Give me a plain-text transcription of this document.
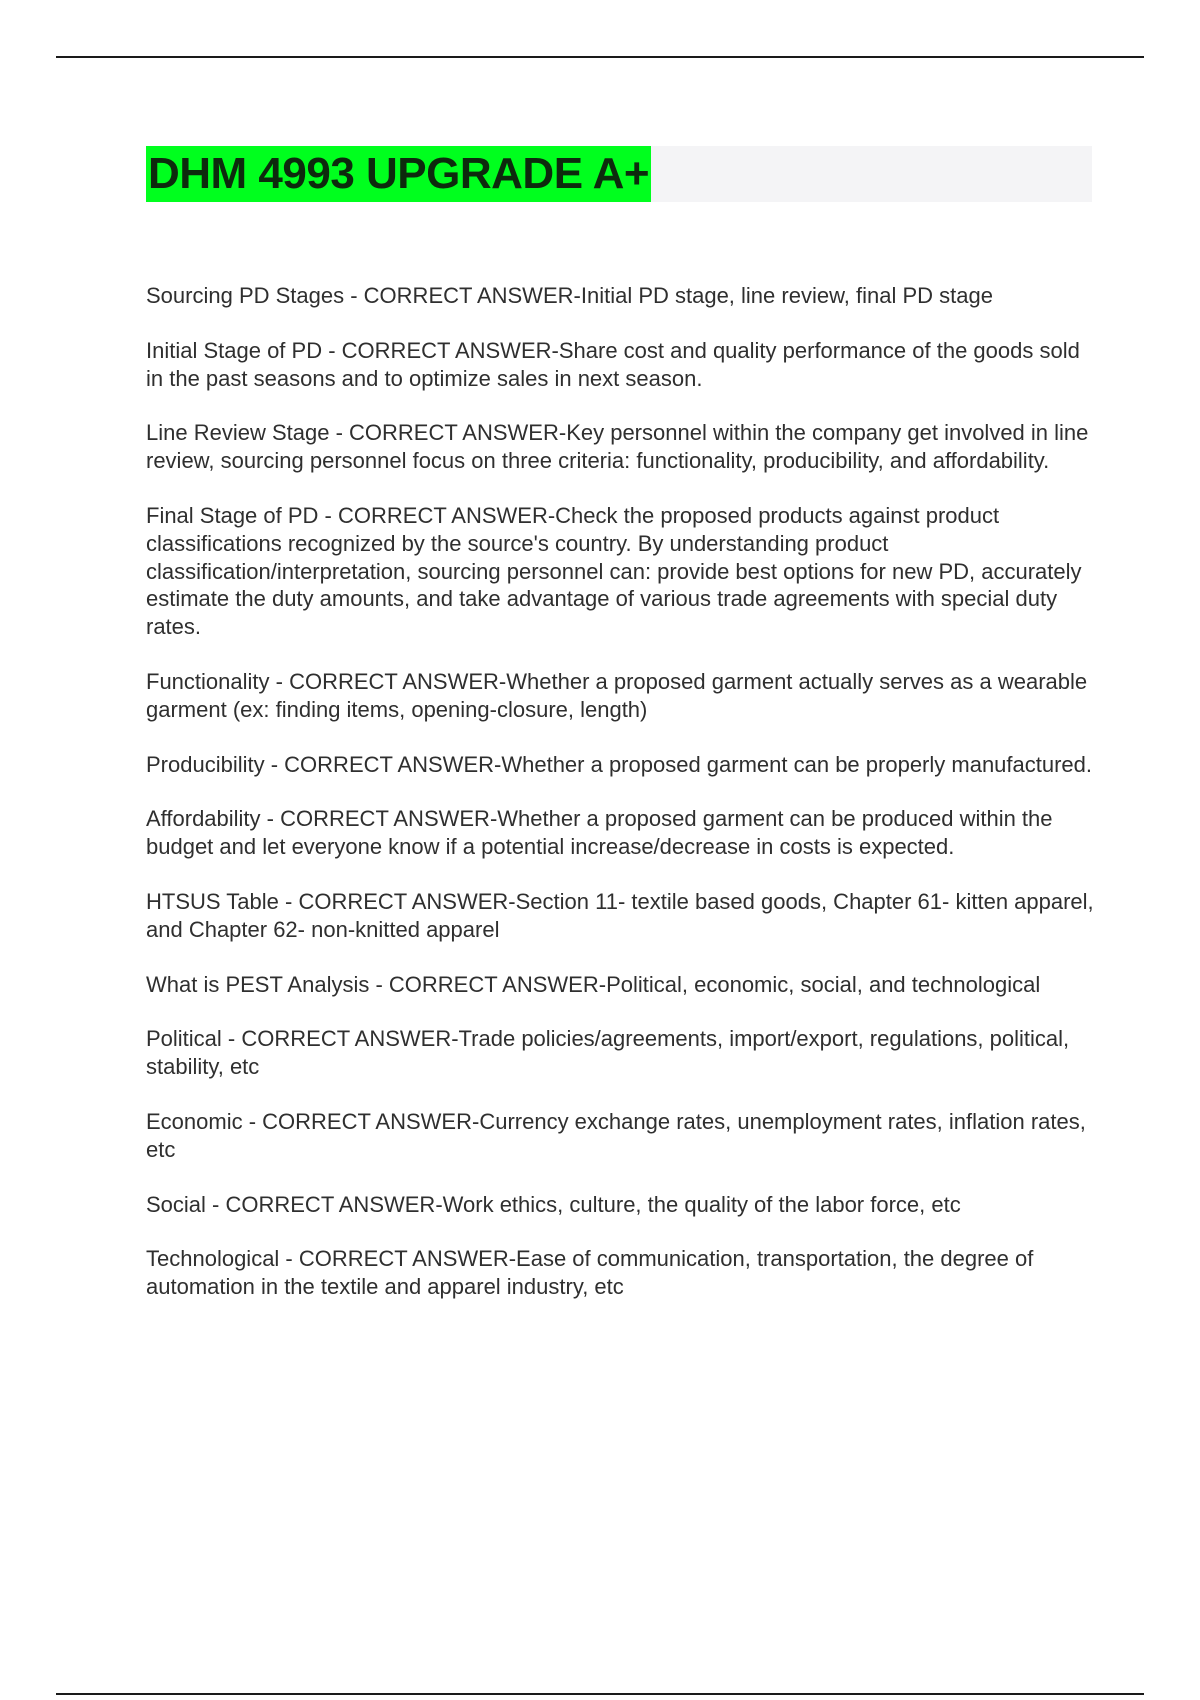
DHM 4993 UPGRADE A+
Sourcing PD Stages - CORRECT ANSWER-Initial PD stage, line review, final PD stage
Initial Stage of PD - CORRECT ANSWER-Share cost and quality performance of the goods sold in the past seasons and to optimize sales in next season.
Line Review Stage - CORRECT ANSWER-Key personnel within the company get involved in line review, sourcing personnel focus on three criteria: functionality, producibility, and affordability.
Final Stage of PD - CORRECT ANSWER-Check the proposed products against product classifications recognized by the source's country. By understanding product classification/interpretation, sourcing personnel can: provide best options for new PD, accurately estimate the duty amounts, and take advantage of various trade agreements with special duty rates.
Functionality - CORRECT ANSWER-Whether a proposed garment actually serves as a wearable garment (ex: finding items, opening-closure, length)
Producibility - CORRECT ANSWER-Whether a proposed garment can be properly manufactured.
Affordability - CORRECT ANSWER-Whether a proposed garment can be produced within the budget and let everyone know if a potential increase/decrease in costs is expected.
HTSUS Table - CORRECT ANSWER-Section 11- textile based goods, Chapter 61- kitten apparel, and Chapter 62- non-knitted apparel
What is PEST Analysis - CORRECT ANSWER-Political, economic, social, and technological
Political - CORRECT ANSWER-Trade policies/agreements, import/export, regulations, political, stability, etc
Economic - CORRECT ANSWER-Currency exchange rates, unemployment rates, inflation rates, etc
Social - CORRECT ANSWER-Work ethics, culture, the quality of the labor force, etc
Technological - CORRECT ANSWER-Ease of communication, transportation, the degree of automation in the textile and apparel industry, etc
